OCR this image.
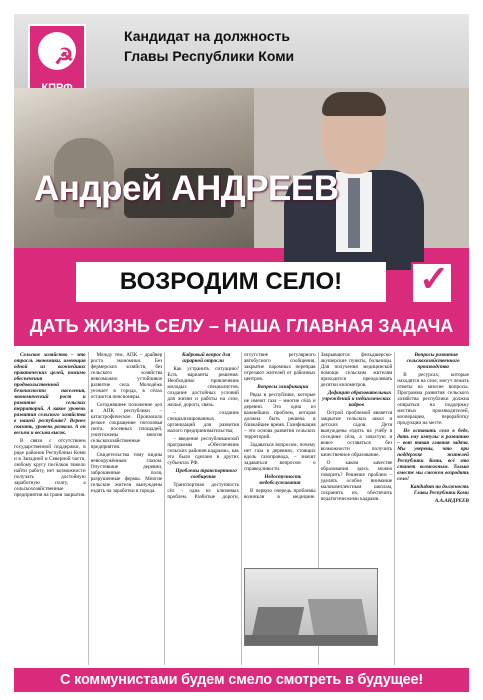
☭
Кандидат на должность
Главы Республики Коми
Андрей АНДРЕЕВ
ВОЗРОДИМ СЕЛО!	✓
ДАТЬ ЖИЗНЬ СЕЛУ – НАША ГЛАВНАЯ ЗАДАЧА

Сельское хозяйство – это отрасль экономики, имеющая одной из важнейших практических целей, помимо обеспечения продовольственной безопасности населения, экономический рост и развитие сельских территорий. А какое уровень развития сельского хозяйства в нашей республике? Вернее сказать, уровень развала. А он весьма и весьма высок.

В связи с отсутствием государственной поддержки, в ряде районов Республики Коми и в Западной и Северной части, любому кругу посёлков тяжело найти работу, нет возможности получать достойную заработную плату, а сельскохозяйственные предприятия на грани закрытия.

Между тем, АПК – драйвер роста экономики. Без фермерских хозяйств, без сельского хозяйства невозможно устойчивое развитие села. Молодёжь уезжает в города, в сёлах остаются пенсионеры.

Сегодняшнее положение дел в АПК республики – катастрофическое. Произошло резкое сокращение поголовья скота, посевных площадей, уничтожены многие сельскохозяйственные предприятия.

Свидетельства тому видны невооружённым глазом. Опустевшие деревни, заброшенные поля, разрушенные фермы. Многие сельские жители вынуждены ездить на заработки в города.

Кадровый вопрос для аграрной отрасли

Как устранить ситуацию? Есть варианты решения. Необходимо привлечение молодых специалистов, создание достойных условий для жизни и работы на селе, жильё, дороги, связь.

– создание специализированных организаций для развития малого предпринимательства;

– введение республиканской программы «Обеспечение сельских районов кадрами», как это было сделано в других субъектах РФ.

Проблемы транспортного сообщения

Транспортная доступность сёл – одна из ключевых проблем. Разбитые дороги, отсутствие регулярного автобусного сообщения, закрытие паромных переправ отрезают жителей от районных центров.

Вопросы газификации

Ряды в республике, которые не имеют газа – многие сёла и деревни. Это одна из важнейших проблем, которая должна быть решена в ближайшее время. Газификация – это основа развития сельских территорий.

Задаваться вопросом, почему нет газа в деревнях, стоящих вдоль газопровода, – значит задаваться вопросом о справедливости.

Недоступность медобслуживания

В первую очередь проблемы возникли в медицине. Закрываются фельдшерско-акушерские пункты, больницы. Для получения медицинской помощи сельским жителям приходится преодолевать десятки километров.

Дефицит образовательных учреждений и педагогических кадров

Острой проблемой является закрытие сельских школ и детских садов. Дети вынуждены ездить на учёбу в соседние сёла, а зачастую и вовсе оставаться без возможности получить качественное образование.

О каком качестве образования здесь можно говорить? Решение проблем – уделять особое внимание малокомплектным школам, сохранить их, обеспечить педагогическими кадрами.

Вопросы развития сельскохозяйственного производства

В ресурсах, которые находятся на селе, могут лежать ответы на многие вопросы. Программа развития сельского хозяйства республики должна опираться на поддержку местных производителей, кооперацию, переработку продукции на месте.

Не оставить село в беде, дать ему импульс к развитию – вот такая главная задача. Мы уверены, что при поддержке жителей Республики Коми, всё это станет возможным. Только вместе мы сможем возродить село!

Кандидат на должность Главы Республики Коми

А.А.АНДРЕЕВ

С коммунистами будем смело смотреть в будущее!
